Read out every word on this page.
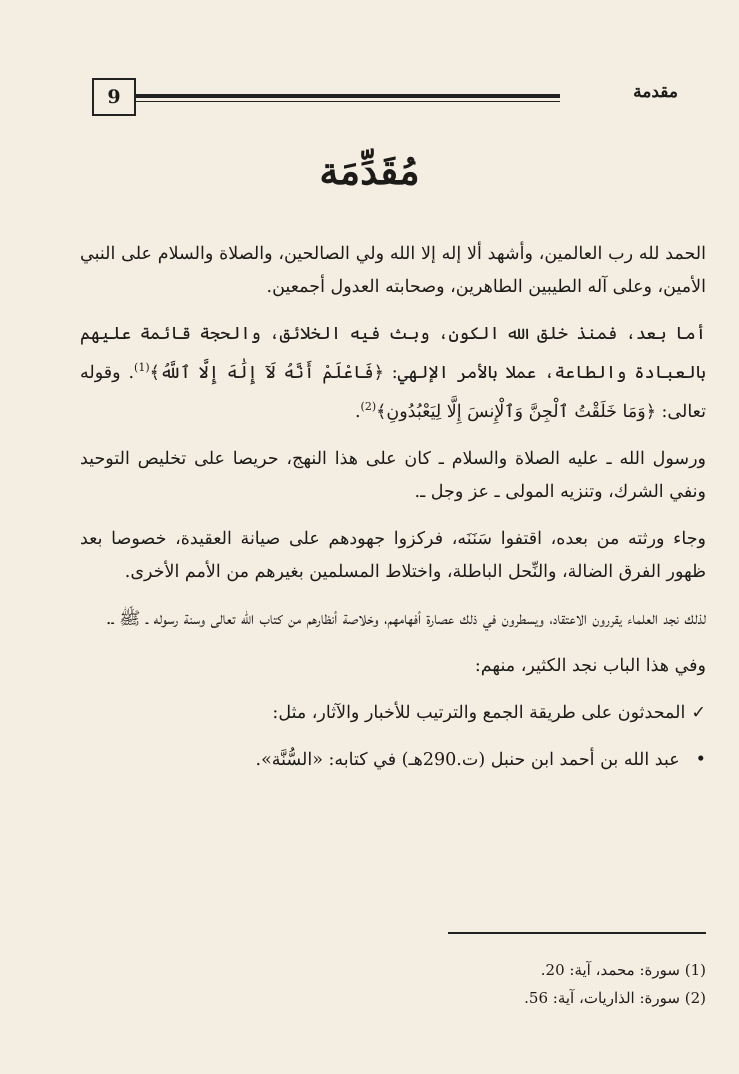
9	مقدمة
مُقَدِّمَة

الحمد لله رب العالمين، وأشهد ألا إله إلا الله ولي الصالحين، والصلاة والسلام على النبي الأمين، وعلى آله الطيبين الطاهرين، وصحابته العدول أجمعين.

أما بعد، فمنذ خلق الله الكون، وبث فيه الخلائق، والحجة قائمة عليهم بالعبادة والطاعة، عملا بالأمر الإلهي: ﴿فَاعْلَمْ أَنَّهُ لَآ إِلَٰهَ إِلَّا ٱللَّهُ﴾$^{(1)}$. وقوله تعالى: ﴿وَمَا خَلَقْتُ ٱلْجِنَّ وَٱلْإِنسَ إِلَّا لِيَعْبُدُونِ﴾$^{(2)}$.

ورسول الله ـ عليه الصلاة والسلام ـ كان على هذا النهج، حريصا على تخليص التوحيد ونفي الشرك، وتنزيه المولى ـ عز وجل ـ.

وجاء ورثته من بعده، اقتفوا سَنَنَه، فركزوا جهودهم على صيانة العقيدة، خصوصا بعد ظهور الفرق الضالة، والنِّحل الباطلة، واختلاط المسلمين بغيرهم من الأمم الأخرى.

لذلك نجد العلماء يقررون الاعتقاد، ويسطرون في ذلك عصارة أفهامهم، وخلاصة أنظارهم من كتاب الله تعالى وسنة رسوله ـ ﷺ ـ.

وفي هذا الباب نجد الكثير، منهم:

✓ المحدثون على طريقة الجمع والترتيب للأخبار والآثار، مثل:

• عبد الله بن أحمد ابن حنبل (ت.290هـ) في كتابه: «السُّنَّة».

(1) سورة: محمد، آية: 20.
(2) سورة: الذاريات، آية: 56.
